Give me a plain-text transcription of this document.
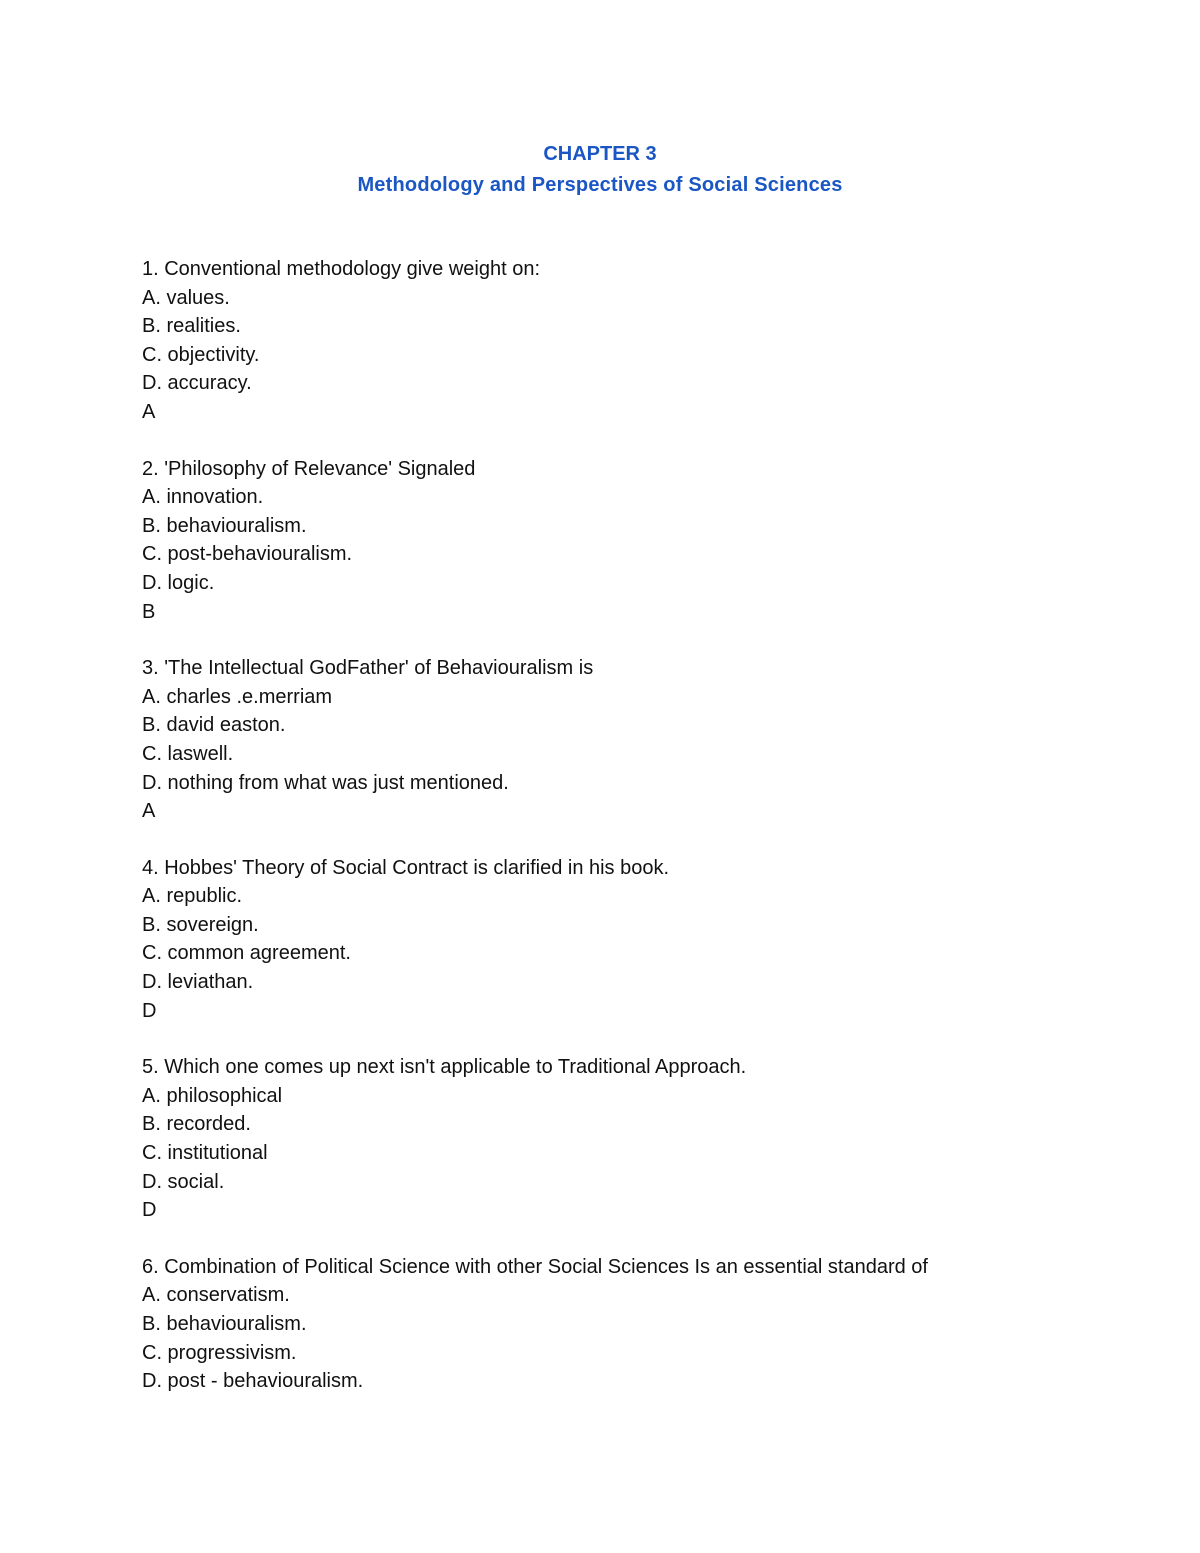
CHAPTER 3
Methodology and Perspectives of Social Sciences
1. Conventional methodology give weight on:
A. values.
B. realities.
C. objectivity.
D. accuracy.
A
2. 'Philosophy of Relevance' Signaled
A. innovation.
B. behaviouralism.
C. post-behaviouralism.
D. logic.
B
3. 'The Intellectual GodFather' of Behaviouralism is
A. charles .e.merriam
B. david easton.
C. laswell.
D. nothing from what was just mentioned.
A
4. Hobbes' Theory of Social Contract is clarified in his book.
A. republic.
B. sovereign.
C. common agreement.
D. leviathan.
D
5. Which one comes up next isn't applicable to Traditional Approach.
A. philosophical
B. recorded.
C. institutional
D. social.
D
6. Combination of Political Science with other Social Sciences Is an essential standard of
A. conservatism.
B. behaviouralism.
C. progressivism.
D. post - behaviouralism.
